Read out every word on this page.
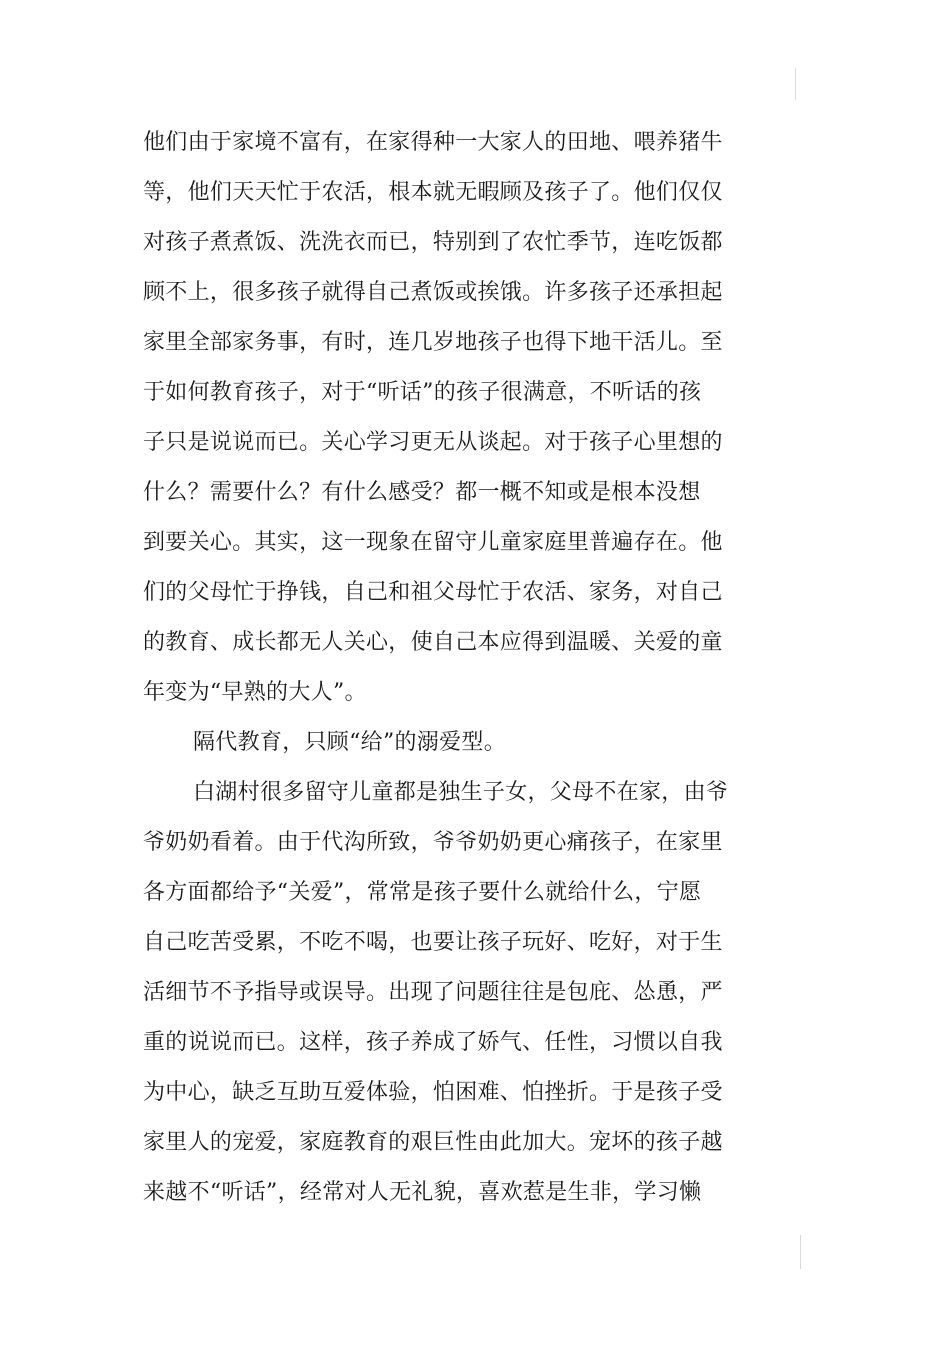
他们由于家境不富有，在家得种一大家人的田地、喂养猪牛
等，他们天天忙于农活，根本就无暇顾及孩子了。他们仅仅
对孩子煮煮饭、洗洗衣而已，特别到了农忙季节，连吃饭都
顾不上，很多孩子就得自己煮饭或挨饿。许多孩子还承担起
家里全部家务事，有时，连几岁地孩子也得下地干活儿。至
于如何教育孩子，对于“听话”的孩子很满意，不听话的孩
子只是说说而已。关心学习更无从谈起。对于孩子心里想的
什么？需要什么？有什么感受？都一概不知或是根本没想
到要关心。其实，这一现象在留守儿童家庭里普遍存在。他
们的父母忙于挣钱，自己和祖父母忙于农活、家务，对自己
的教育、成长都无人关心，使自己本应得到温暖、关爱的童
年变为“早熟的大人”。
隔代教育，只顾“给”的溺爱型。
白湖村很多留守儿童都是独生子女，父母不在家，由爷
爷奶奶看着。由于代沟所致，爷爷奶奶更心痛孩子，在家里
各方面都给予“关爱”，常常是孩子要什么就给什么，宁愿
自己吃苦受累，不吃不喝，也要让孩子玩好、吃好，对于生
活细节不予指导或误导。出现了问题往往是包庇、怂恿，严
重的说说而已。这样，孩子养成了娇气、任性，习惯以自我
为中心，缺乏互助互爱体验，怕困难、怕挫折。于是孩子受
家里人的宠爱，家庭教育的艰巨性由此加大。宠坏的孩子越
来越不“听话”，经常对人无礼貌，喜欢惹是生非，学习懒
